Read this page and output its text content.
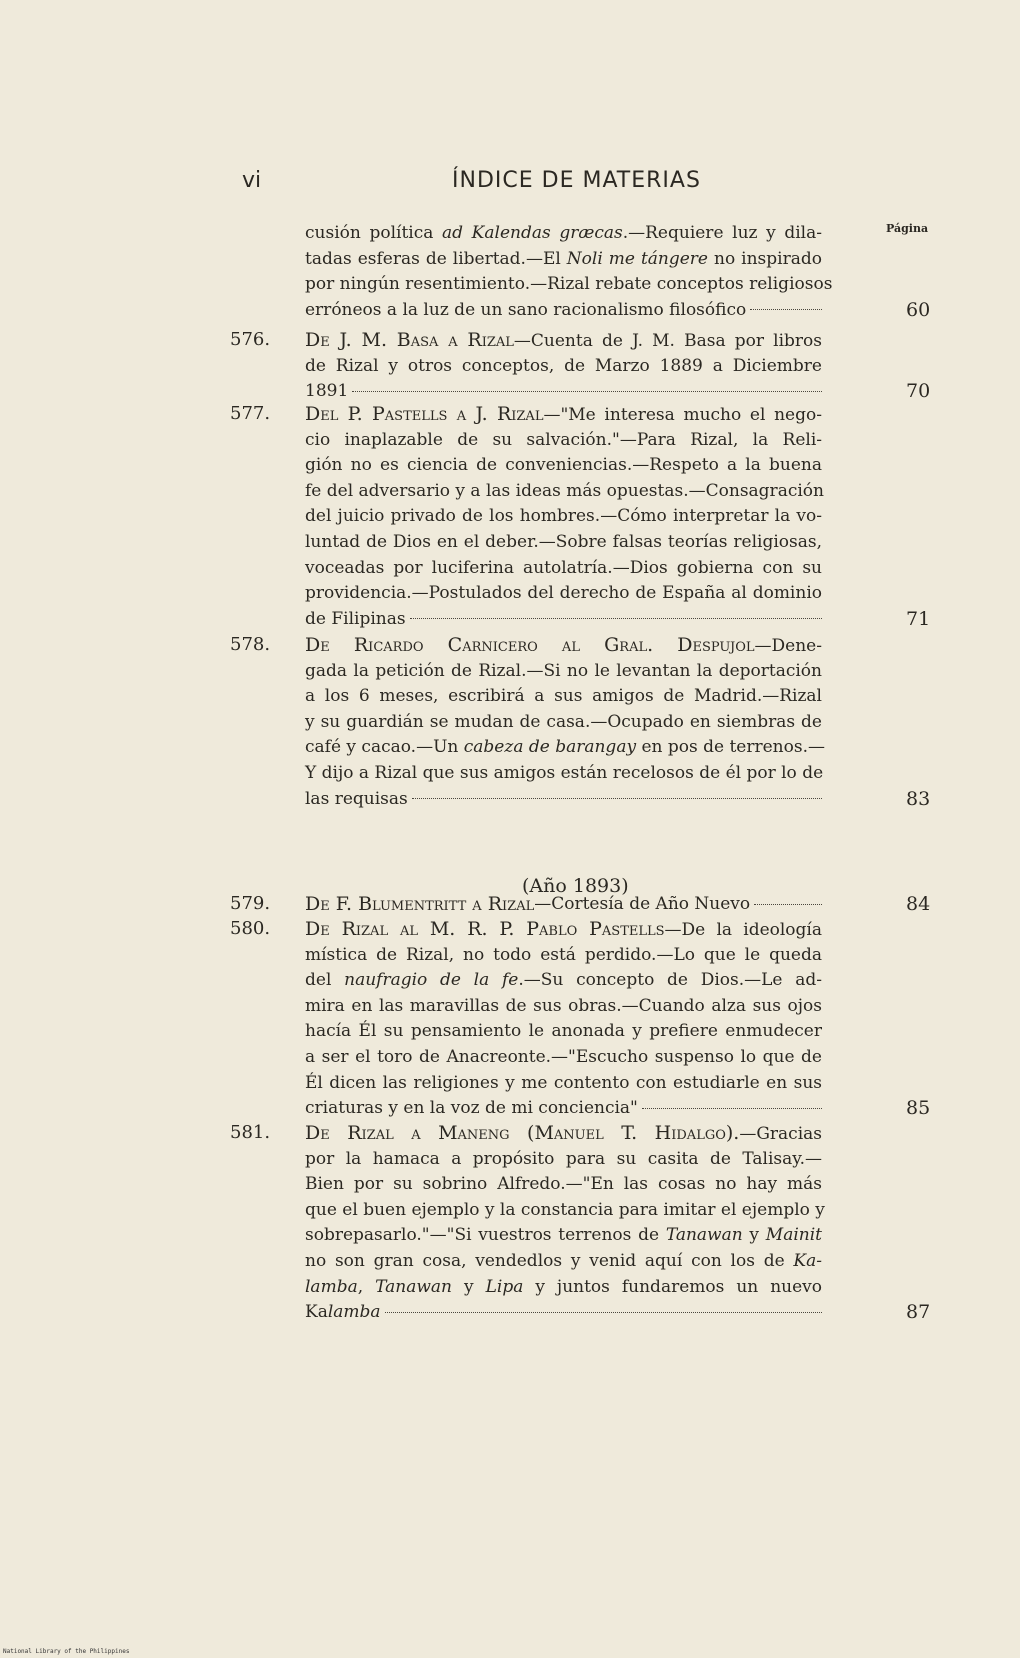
vi	ÍNDICE DE MATERIAS
Página
cusión política ad Kalendas græcas.—Requiere luz y dila-
tadas esferas de libertad.—El Noli me tángere no inspirado
por ningún resentimiento.—Rizal rebate conceptos religiosos
erróneos a la luz de un sano racionalismo filosófico	60
576. De J. M. Basa a Rizal—Cuenta de J. M. Basa por libros
de Rizal y otros conceptos, de Marzo 1889 a Diciembre
1891	70
577. Del P. Pastells a J. Rizal—"Me interesa mucho el nego-
cio inaplazable de su salvación."—Para Rizal, la Reli-
gión no es ciencia de conveniencias.—Respeto a la buena
fe del adversario y a las ideas más opuestas.—Consagración
del juicio privado de los hombres.—Cómo interpretar la vo-
luntad de Dios en el deber.—Sobre falsas teorías religiosas,
voceadas por luciferina autolatría.—Dios gobierna con su
providencia.—Postulados del derecho de España al dominio
de Filipinas	71
578. De Ricardo Carnicero al Gral. Despujol—Dene-
gada la petición de Rizal.—Si no le levantan la deportación
a los 6 meses, escribirá a sus amigos de Madrid.—Rizal
y su guardián se mudan de casa.—Ocupado en siembras de
café y cacao.—Un cabeza de barangay en pos de terrenos.—
Y dijo a Rizal que sus amigos están recelosos de él por lo de
las requisas	83
579. De F. Blumentritt a Rizal —Cortesía de Año Nuevo	84
580. De Rizal al M. R. P. Pablo Pastells—De la ideología
mística de Rizal, no todo está perdido.—Lo que le queda
del naufragio de la fe.—Su concepto de Dios.—Le ad-
mira en las maravillas de sus obras.—Cuando alza sus ojos
hacía Él su pensamiento le anonada y prefiere enmudecer
a ser el toro de Anacreonte.—"Escucho suspenso lo que de
Él dicen las religiones y me contento con estudiarle en sus
criaturas y en la voz de mi conciencia"	85
581. De Rizal a Maneng (Manuel T. Hidalgo).—Gracias
por la hamaca a propósito para su casita de Talisay.—
Bien por su sobrino Alfredo.—"En las cosas no hay más
que el buen ejemplo y la constancia para imitar el ejemplo y
sobrepasarlo."—"Si vuestros terrenos de Tanawan y Mainit
no son gran cosa, vendedlos y venid aquí con los de Ka-
lamba, Tanawan y Lipa y juntos fundaremos un nuevo
Ka lamba	87
(Año 1893)
National Library of the Philippines
